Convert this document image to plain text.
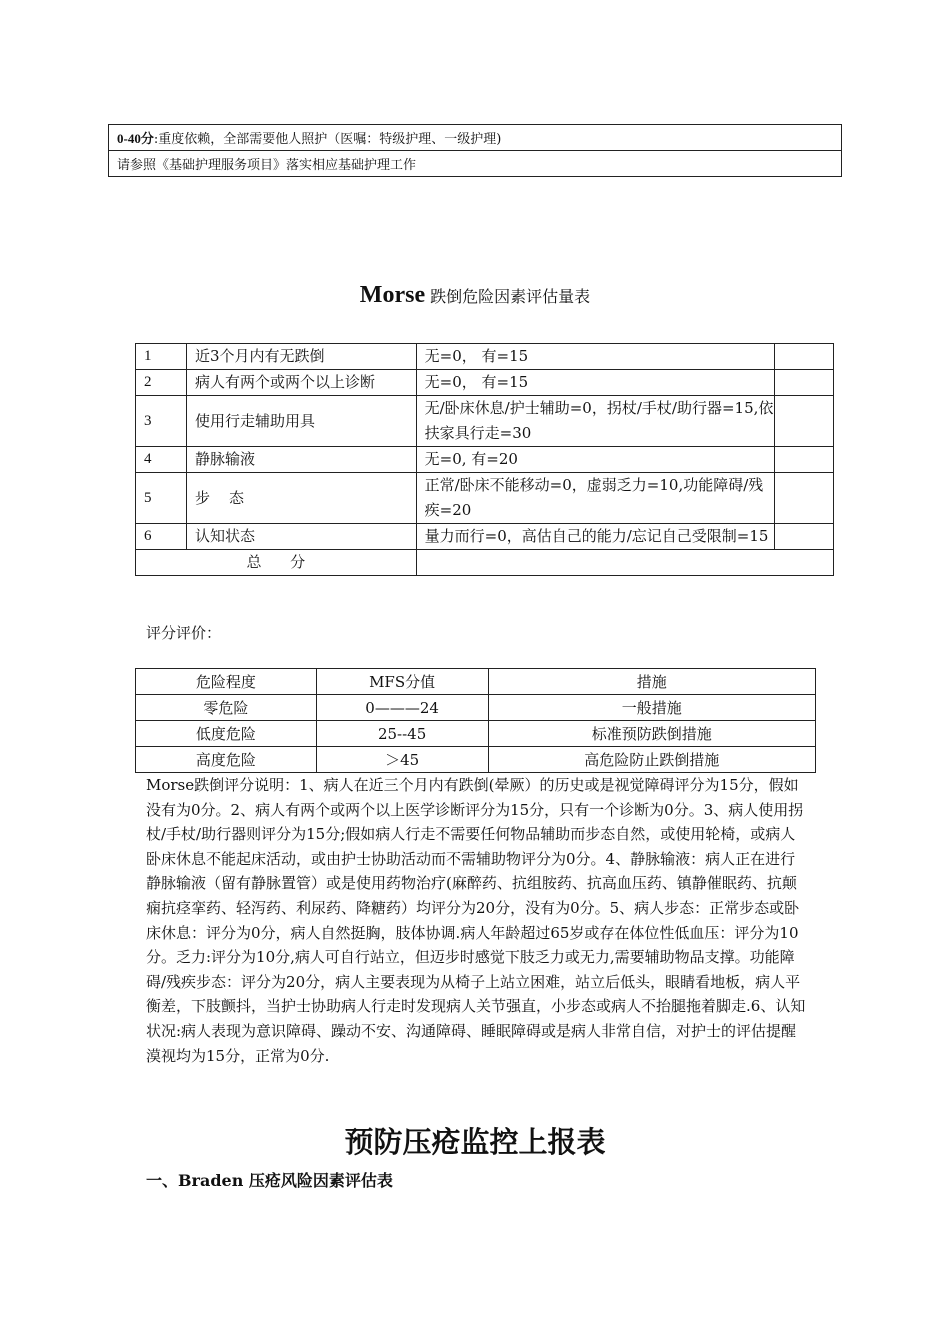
0-40分:重度依赖，全部需要他人照护（医嘱：特级护理、一级护理)
请参照《基础护理服务项目》落实相应基础护理工作
Morse 跌倒危险因素评估量表
1	近3个月内有无跌倒	无=0， 有=15	
2	病人有两个或两个以上诊断	无=0， 有=15	
3	使用行走辅助用具	无/卧床休息/护士辅助=0，拐杖/手杖/助行器=15,依扶家具行走=30	
4	静脉输液	无=0, 有=20	
5	步    态	正常/卧床不能移动=0，虚弱乏力=10,功能障碍/残疾=20	
6	认知状态	量力而行=0，高估自己的能力/忘记自己受限制=15	
总      分			
评分评价：
危险程度	MFS分值	措施
零危险	0———24	一般措施
低度危险	25--45	标准预防跌倒措施
高度危险	＞45	高危险防止跌倒措施
Morse跌倒评分说明：1、病人在近三个月内有跌倒(晕厥）的历史或是视觉障碍评分为15分，假如没有为0分。2、病人有两个或两个以上医学诊断评分为15分，只有一个诊断为0分。3、病人使用拐杖/手杖/助行器则评分为15分;假如病人行走不需要任何物品辅助而步态自然，或使用轮椅，或病人卧床休息不能起床活动，或由护士协助活动而不需辅助物评分为0分。4、静脉输液：病人正在进行静脉输液（留有静脉置管）或是使用药物治疗(麻醉药、抗组胺药、抗高血压药、镇静催眠药、抗颠痫抗痉挛药、轻泻药、利尿药、降糖药）均评分为20分，没有为0分。5、病人步态：正常步态或卧床休息：评分为0分，病人自然挺胸，肢体协调.病人年龄超过65岁或存在体位性低血压：评分为10分。乏力:评分为10分,病人可自行站立，但迈步时感觉下肢乏力或无力,需要辅助物品支撑。功能障碍/残疾步态：评分为20分，病人主要表现为从椅子上站立困难，站立后低头，眼睛看地板，病人平衡差，下肢颤抖，当护士协助病人行走时发现病人关节强直，小步态或病人不抬腿拖着脚走.6、认知状况:病人表现为意识障碍、躁动不安、沟通障碍、睡眠障碍或是病人非常自信，对护士的评估提醒漠视均为15分，正常为0分.
预防压疮监控上报表
一、Braden 压疮风险因素评估表
